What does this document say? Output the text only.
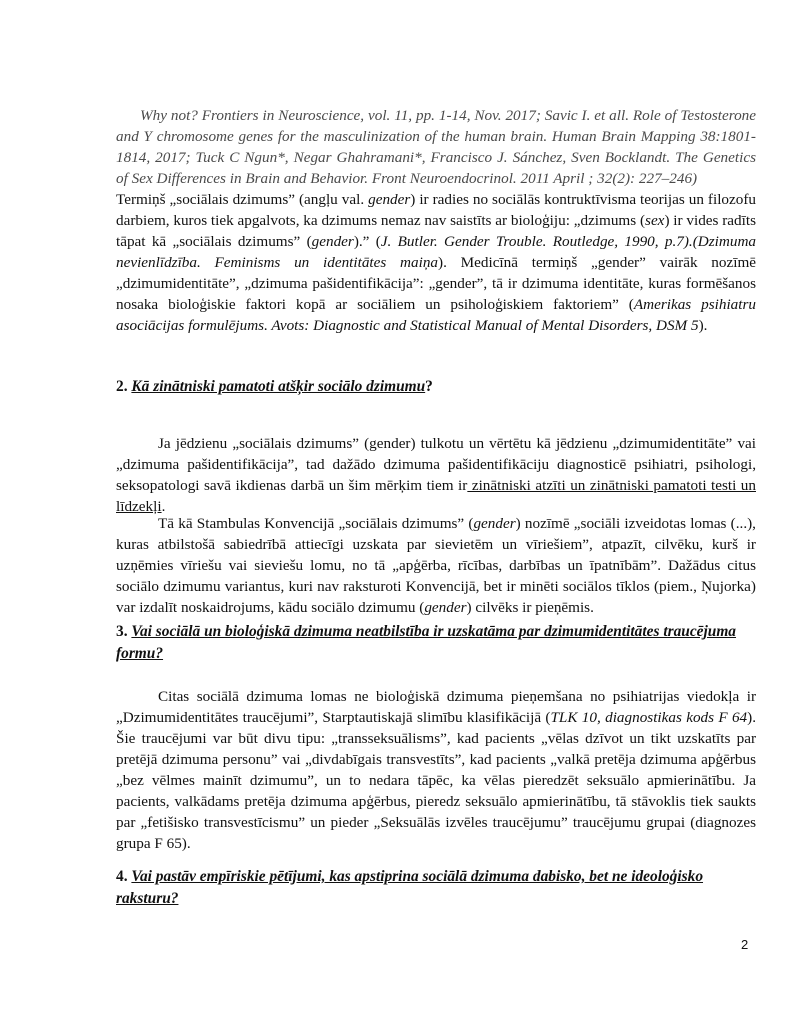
Why not? Frontiers in Neuroscience, vol. 11, pp. 1-14, Nov. 2017; Savic I. et all. Role of Testosterone and Y chromosome genes for the masculinization of the human brain. Human Brain Mapping 38:1801-1814, 2017; Tuck C Ngun*, Negar Ghahramani*, Francisco J. Sánchez, Sven Bocklandt. The Genetics of Sex Differences in Brain and Behavior. Front Neuroendocrinol. 2011 April ; 32(2): 227–246)
Termiņš „sociālais dzimums” (angļu val. gender) ir radies no sociālās kontruktīvisma teorijas un filozofu darbiem, kuros tiek apgalvots, ka dzimums nemaz nav saistīts ar bioloģiju: „dzimums (sex) ir vides radīts tāpat kā „sociālais dzimums” (gender).” (J. Butler. Gender Trouble. Routledge, 1990, p.7).(Dzimuma nevienlīdzība. Feminisms un identitātes maiņa). Medicīnā termiņš „gender” vairāk nozīmē „dzimumidentitāte”, „dzimuma pašidentifikācija”: „gender”, tā ir dzimuma identitāte, kuras formēšanos nosaka bioloģiskie faktori kopā ar sociāliem un psiholoģiskiem faktoriem” (Amerikas psihiatru asociācijas formulējums. Avots: Diagnostic and Statistical Manual of Mental Disorders, DSM 5).

2. Kā zinātniski pamatoti atšķir sociālo dzimumu?

Ja jēdzienu „sociālais dzimums” (gender) tulkotu un vērtētu kā jēdzienu „dzimumidentitāte” vai „dzimuma pašidentifikācija”, tad dažādo dzimuma pašidentifikāciju diagnosticē psihiatri, psihologi, seksopatologi savā ikdienas darbā un šim mērķim tiem ir zinātniski atzīti un zinātniski pamatoti testi un līdzekļi.

Tā kā Stambulas Konvencijā „sociālais dzimums” (gender) nozīmē „sociāli izveidotas lomas (...), kuras atbilstošā sabiedrībā attiecīgi uzskata par sievietēm un vīriešiem”, atpazīt, cilvēku, kurš ir uzņēmies vīriešu vai sieviešu lomu, no tā „apģērba, rīcības, darbības un īpatnībām”. Dažādus citus sociālo dzimumu variantus, kuri nav raksturoti Konvencijā, bet ir minēti sociālos tīklos (piem., Ņujorka) var izdalīt noskaidrojums, kādu sociālo dzimumu (gender) cilvēks ir pieņēmis.

3. Vai sociālā un bioloģiskā dzimuma neatbilstība ir uzskatāma par dzimumidentitātes traucējuma formu?

Citas sociālā dzimuma lomas ne bioloģiskā dzimuma pieņemšana no psihiatrijas viedokļa ir „Dzimumidentitātes traucējumi”, Starptautiskajā slimību klasifikācijā (TLK 10, diagnostikas kods F 64). Šie traucējumi var būt divu tipu: „transseksuālisms”, kad pacients „vēlas dzīvot un tikt uzskatīts par pretējā dzimuma personu” vai „divdabīgais transvestīts”, kad pacients „valkā pretēja dzimuma apģērbus „bez vēlmes mainīt dzimumu”, un to nedara tāpēc, ka vēlas pieredzēt seksuālo apmierinātību. Ja pacients, valkādams pretēja dzimuma apģērbus, pieredz seksuālo apmierinātību, tā stāvoklis tiek saukts par „fetišisko transvestīcismu” un pieder „Seksuālās izvēles traucējumu” traucējumu grupai (diagnozes grupa F 65).

4. Vai pastāv empīriskie pētījumi, kas apstiprina sociālā dzimuma dabisko, bet ne ideoloģisko raksturu?

2
